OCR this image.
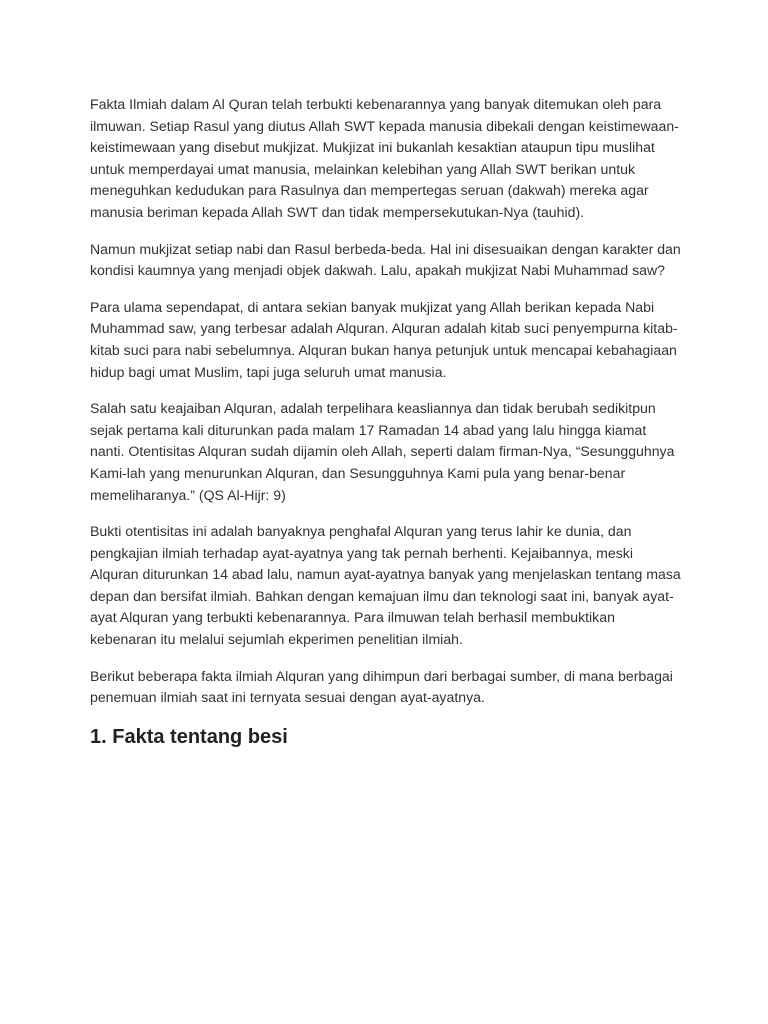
Fakta Ilmiah dalam Al Quran telah terbukti kebenarannya yang banyak ditemukan oleh para ilmuwan. Setiap Rasul yang diutus Allah SWT kepada manusia dibekali dengan keistimewaan-keistimewaan yang disebut mukjizat. Mukjizat ini bukanlah kesaktian ataupun tipu muslihat untuk memperdayai umat manusia, melainkan kelebihan yang Allah SWT berikan untuk meneguhkan kedudukan para Rasulnya dan mempertegas seruan (dakwah) mereka agar manusia beriman kepada Allah SWT dan tidak mempersekutukan-Nya (tauhid).

Namun mukjizat setiap nabi dan Rasul berbeda-beda. Hal ini disesuaikan dengan karakter dan kondisi kaumnya yang menjadi objek dakwah. Lalu, apakah mukjizat Nabi Muhammad saw?

Para ulama sependapat, di antara sekian banyak mukjizat yang Allah berikan kepada Nabi Muhammad saw, yang terbesar adalah Alquran. Alquran adalah kitab suci penyempurna kitab-kitab suci para nabi sebelumnya. Alquran bukan hanya petunjuk untuk mencapai kebahagiaan hidup bagi umat Muslim, tapi juga seluruh umat manusia.

Salah satu keajaiban Alquran, adalah terpelihara keasliannya dan tidak berubah sedikitpun sejak pertama kali diturunkan pada malam 17 Ramadan 14 abad yang lalu hingga kiamat nanti. Otentisitas Alquran sudah dijamin oleh Allah, seperti dalam firman-Nya, “Sesungguhnya Kami-lah yang menurunkan Alquran, dan Sesungguhnya Kami pula yang benar-benar memeliharanya.” (QS Al-Hijr: 9)

Bukti otentisitas ini adalah banyaknya penghafal Alquran yang terus lahir ke dunia, dan pengkajian ilmiah terhadap ayat-ayatnya yang tak pernah berhenti. Kejaibannya, meski Alquran diturunkan 14 abad lalu, namun ayat-ayatnya banyak yang menjelaskan tentang masa depan dan bersifat ilmiah. Bahkan dengan kemajuan ilmu dan teknologi saat ini, banyak ayat-ayat Alquran yang terbukti kebenarannya. Para ilmuwan telah berhasil membuktikan kebenaran itu melalui sejumlah ekperimen penelitian ilmiah.

Berikut beberapa fakta ilmiah Alquran yang dihimpun dari berbagai sumber, di mana berbagai penemuan ilmiah saat ini ternyata sesuai dengan ayat-ayatnya.

1. Fakta tentang besi
